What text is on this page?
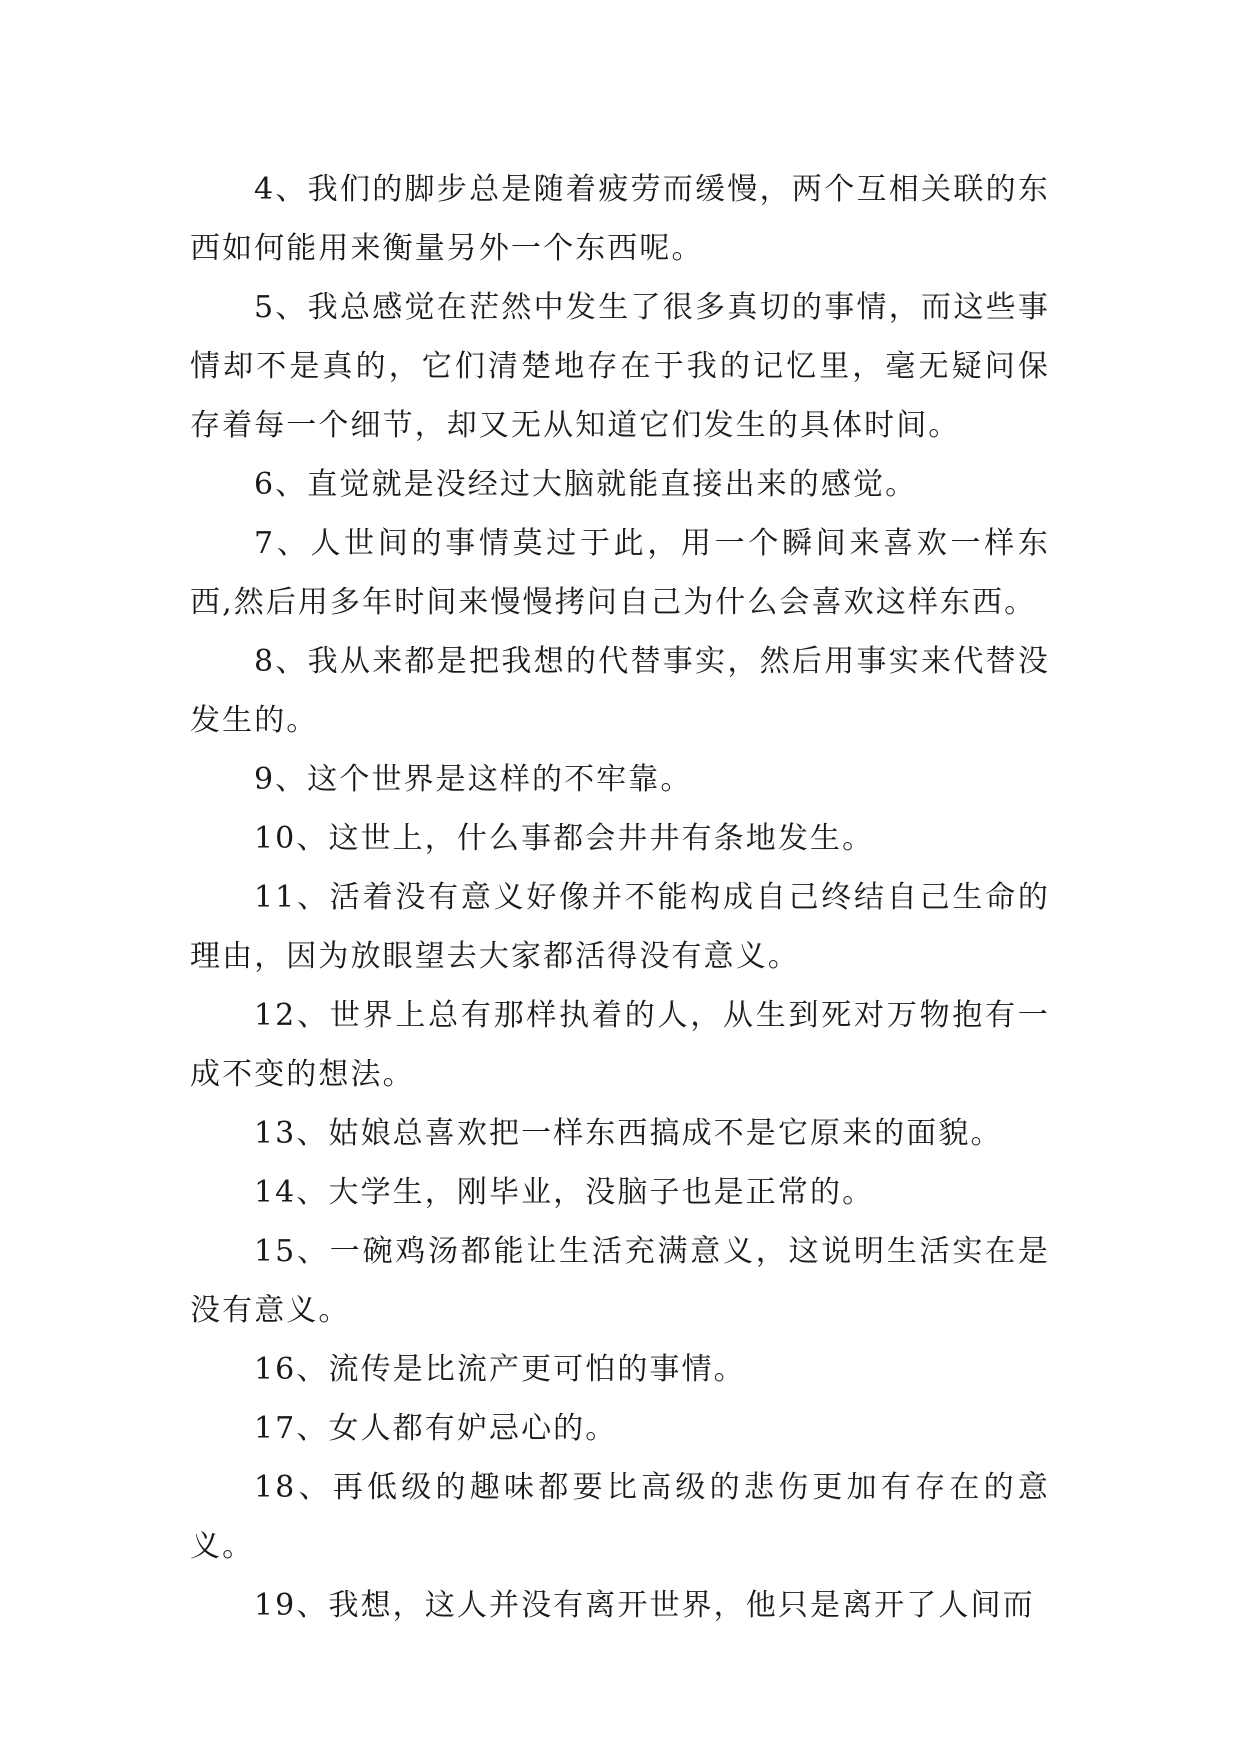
4、我们的脚步总是随着疲劳而缓慢，两个互相关联的东西如何能用来衡量另外一个东西呢。

5、我总感觉在茫然中发生了很多真切的事情，而这些事情却不是真的，它们清楚地存在于我的记忆里，毫无疑问保存着每一个细节，却又无从知道它们发生的具体时间。

6、直觉就是没经过大脑就能直接出来的感觉。

7、人世间的事情莫过于此，用一个瞬间来喜欢一样东西,然后用多年时间来慢慢拷问自己为什么会喜欢这样东西。

8、我从来都是把我想的代替事实，然后用事实来代替没发生的。

9、这个世界是这样的不牢靠。

10、这世上，什么事都会井井有条地发生。

11、活着没有意义好像并不能构成自己终结自己生命的理由，因为放眼望去大家都活得没有意义。

12、世界上总有那样执着的人，从生到死对万物抱有一成不变的想法。

13、姑娘总喜欢把一样东西搞成不是它原来的面貌。

14、大学生，刚毕业，没脑子也是正常的。

15、一碗鸡汤都能让生活充满意义，这说明生活实在是没有意义。

16、流传是比流产更可怕的事情。

17、女人都有妒忌心的。

18、再低级的趣味都要比高级的悲伤更加有存在的意义。

19、我想，这人并没有离开世界，他只是离开了人间而
